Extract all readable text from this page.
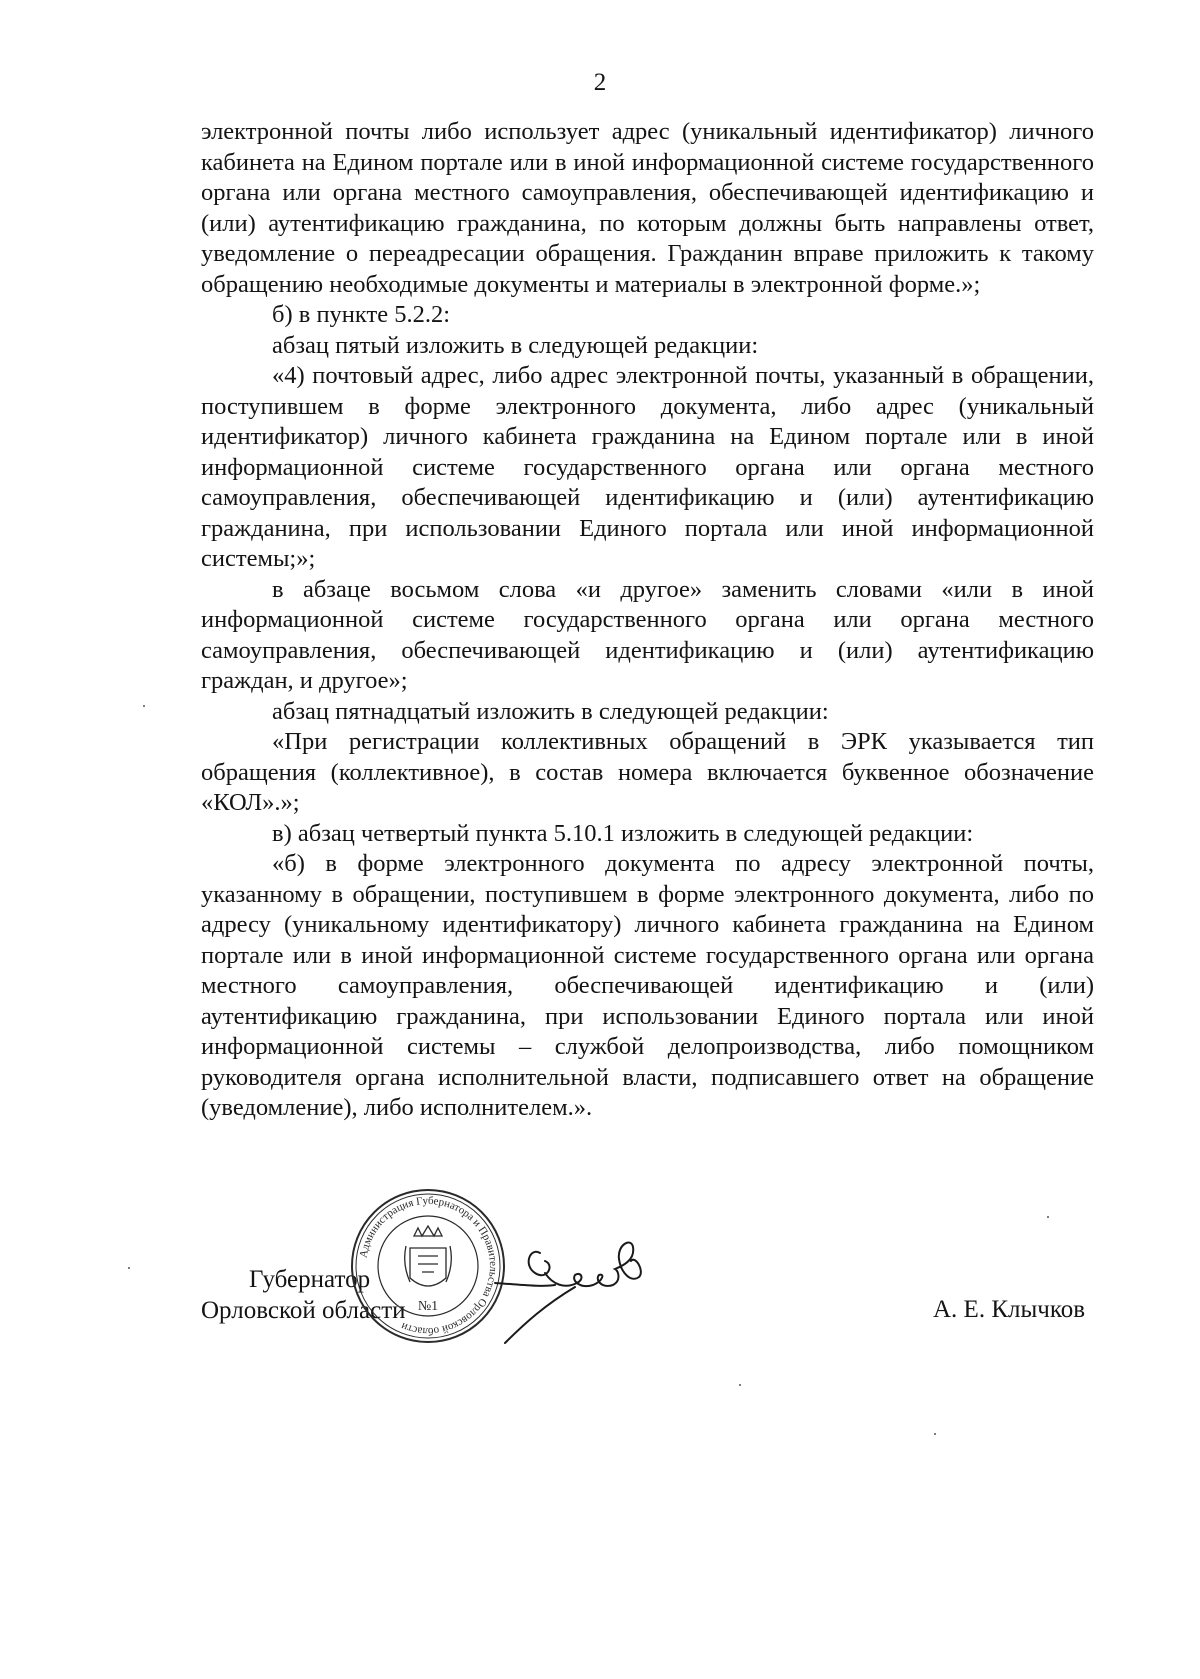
2

электронной почты либо использует адрес (уникальный идентификатор) личного кабинета на Едином портале или в иной информационной системе государственного органа или органа местного самоуправления, обеспечивающей идентификацию и (или) аутентификацию гражданина, по которым должны быть направлены ответ, уведомление о переадресации обращения. Гражданин вправе приложить к такому обращению необходимые документы и материалы в электронной форме.»;

б) в пункте 5.2.2:

абзац пятый изложить в следующей редакции:

«4) почтовый адрес, либо адрес электронной почты, указанный в обращении, поступившем в форме электронного документа, либо адрес (уникальный идентификатор) личного кабинета гражданина на Едином портале или в иной информационной системе государственного органа или органа местного самоуправления, обеспечивающей идентификацию и (или) аутентификацию гражданина, при использовании Единого портала или иной информационной системы;»;

в абзаце восьмом слова «и другое» заменить словами «или в иной информационной системе государственного органа или органа местного самоуправления, обеспечивающей идентификацию и (или) аутентификацию граждан, и другое»;

абзац пятнадцатый изложить в следующей редакции:

«При регистрации коллективных обращений в ЭРК указывается тип обращения (коллективное), в состав номера включается буквенное обозначение «КОЛ».»;

в) абзац четвертый пункта 5.10.1 изложить в следующей редакции:

«б) в форме электронного документа по адресу электронной почты, указанному в обращении, поступившем в форме электронного документа, либо по адресу (уникальному идентификатору) личного кабинета гражданина на Едином портале или в иной информационной системе государственного органа или органа местного самоуправления, обеспечивающей идентификацию и (или) аутентификацию гражданина, при использовании Единого портала или иной информационной системы – службой делопроизводства, либо помощником руководителя органа исполнительной власти, подписавшего ответ на обращение (уведомление), либо исполнителем.».

Губернатор
Орловской области
Администрация Губернатора и Правительства Орловской области
№1	А. Е. Клычков
